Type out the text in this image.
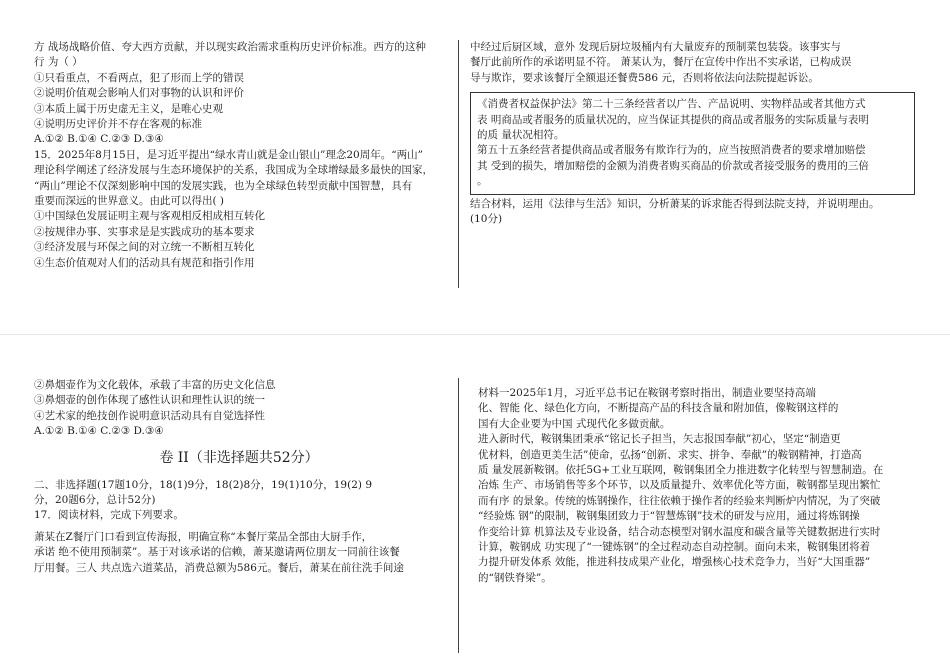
方 战场战略价值、夸大西方贡献，并以现实政治需求重构历史评价标准。西方的这种
行 为（ ）
①只看重点，不看两点，犯了形而上学的错误
②说明价值观会影响人们对事物的认识和评价
③本质上属于历史虚无主义，是唯心史观
④说明历史评价并不存在客观的标准
A.①② B.①④ C.②③ D.③④
15．2025年8月15日，是习近平提出“绿水青山就是金山银山”理念20周年。“两山”
理论科学阐述了经济发展与生态环境保护的关系，我国成为全球增绿最多最快的国家，
“两山”理论不仅深刻影响中国的发展实践，也为全球绿色转型贡献中国智慧，具有
重要而深远的世界意义。由此可以得出( )
①中国绿色发展证明主观与客观相反相成相互转化
②按规律办事、实事求是是实践成功的基本要求
③经济发展与环保之间的对立统一不断相互转化
④生态价值观对人们的活动具有规范和指引作用
中经过后厨区域，意外 发现后厨垃圾桶内有大量废弃的预制菜包装袋。该事实与
餐厅此前所作的承诺明显不符。 萧某认为，餐厅在宣传中作出不实承诺，已构成误
导与欺诈，要求该餐厅全额退还餐费586 元，否则将依法向法院提起诉讼。
《消费者权益保护法》第二十三条经营者以广告、产品说明、实物样品或者其他方式
表 明商品或者服务的质量状况的，应当保证其提供的商品或者服务的实际质量与表明
的质 量状况相符。
第五十五条经营者提供商品或者服务有欺诈行为的，应当按照消费者的要求增加赔偿
其 受到的损失，增加赔偿的金额为消费者购买商品的价款或者接受服务的费用的三倍
。
结合材料，运用《法律与生活》知识，分析萧某的诉求能否得到法院支持，并说明理由。
(10分)
②鼻烟壶作为文化载体，承载了丰富的历史文化信息
③鼻烟壶的创作体现了感性认识和理性认识的统一
④艺术家的绝技创作说明意识活动具有自觉选择性
A.①② B.①④ C.②③ D.③④
卷 II（非选择题共52分）
二、非选择题(17题10分，18(1)9分，18(2)8分，19(1)10分，19(2) 9
分，20题6分，总计52分)
17．阅读材料，完成下列要求。
萧某在Z餐厅门口看到宣传海报，明确宣称“本餐厅菜品全部由大厨手作，
承诺 绝不使用预制菜”。基于对该承诺的信赖，萧某邀请两位朋友一同前往该餐
厅用餐。三人 共点选六道菜品，消费总额为586元。餐后，萧某在前往洗手间途
材料一2025年1月，习近平总书记在鞍钢考察时指出，制造业要坚持高端
化、智能 化、绿色化方向，不断提高产品的科技含量和附加值，像鞍钢这样的
国有大企业要为中国 式现代化多做贡献。
进入新时代，鞍钢集团秉承“铭记长子担当，矢志报国奉献”初心，坚定“制造更
优材料，创造更美生活”使命，弘扬“创新、求实、拼争、奉献”的鞍钢精神，打造高
质 量发展新鞍钢。依托5G+工业互联网，鞍钢集团全力推进数字化转型与智慧制造。在
冶炼 生产、市场销售等多个环节，以及质量提升、效率优化等方面，鞍钢都呈现出繁忙
而有序 的景象。传统的炼钢操作，往往依赖于操作者的经验来判断炉内情况，为了突破
“经验炼 钢”的限制，鞍钢集团致力于“智慧炼钢”技术的研发与应用，通过将炼钢操
作变给计算 机算法及专业设备，结合动态模型对钢水温度和碳含量等关键数据进行实时
计算，鞍钢成 功实现了“一键炼钢”的全过程动态自动控制。面向未来，鞍钢集团将着
力提升研发体系 效能，推进科技成果产业化，增强核心技术竞争力，当好“大国重器”
的“钢铁脊梁”。
